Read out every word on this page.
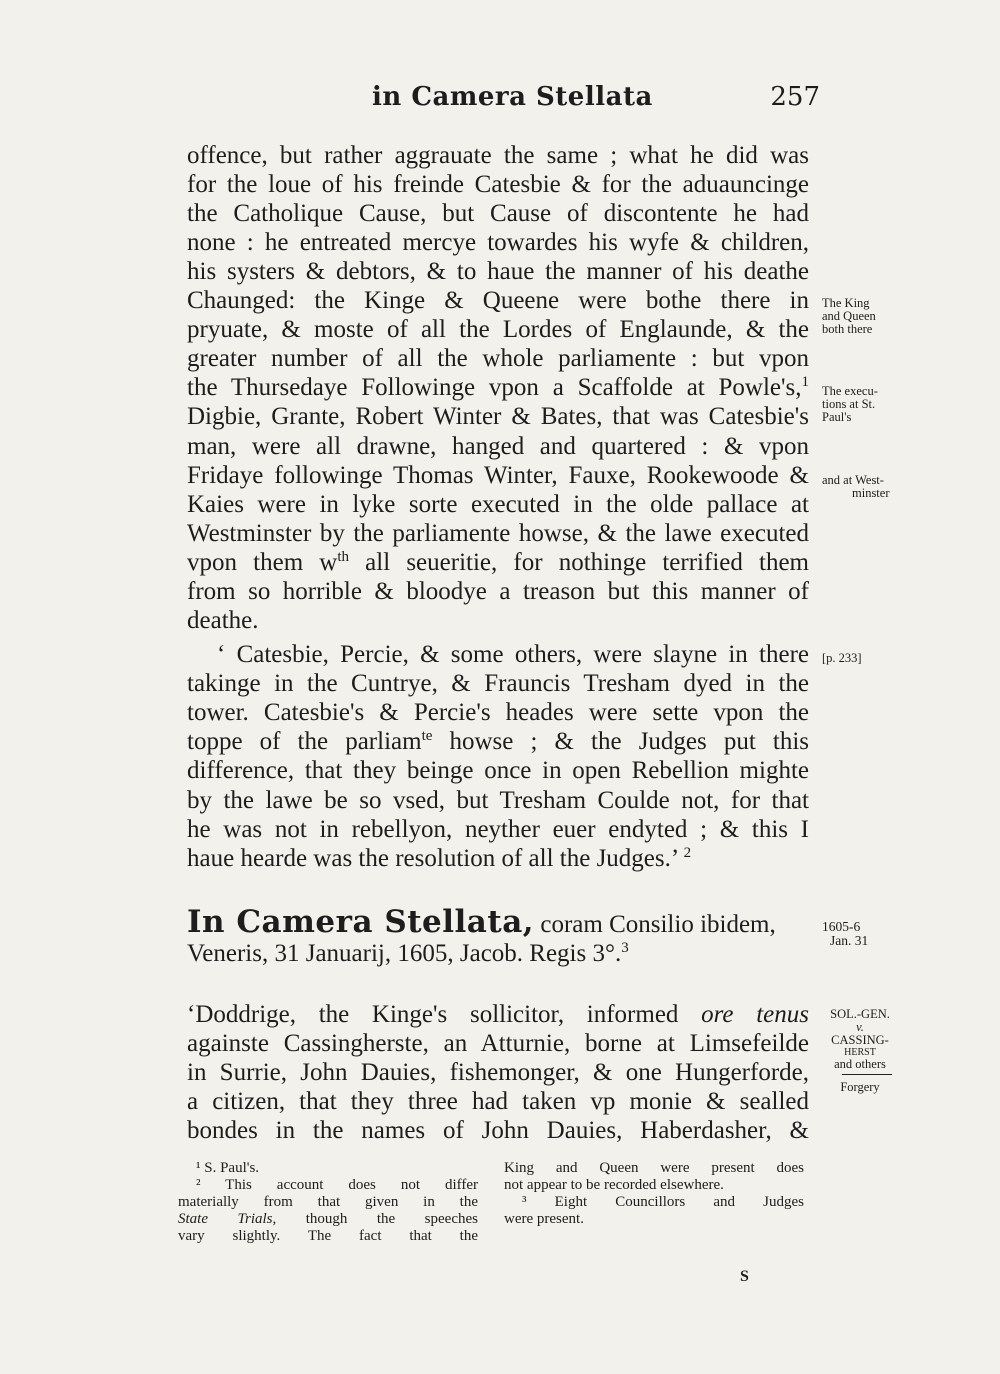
in Camera Stellata	257
offence, but rather aggrauate the same ; what he did was
for the loue of his freinde Catesbie & for the aduauncinge
the Catholique Cause, but Cause of discontente he had
none : he entreated mercye towardes his wyfe & children,
his systers & debtors, & to haue the manner of his deathe
Chaunged: the Kinge & Queene were bothe there in
pryuate, & moste of all the Lordes of Englaunde, & the
greater number of all the whole parliamente : but vpon
the Thursedaye Followinge vpon a Scaffolde at Powle's,$^1$
Digbie, Grante, Robert Winter & Bates, that was Catesbie's
man, were all drawne, hanged and quartered : & vpon
Fridaye followinge Thomas Winter, Fauxe, Rookewoode &
Kaies were in lyke sorte executed in the olde pallace at
Westminster by the parliamente howse, & the lawe executed
vpon them $w^{th}$ all seueritie, for nothinge terrified them
from so horrible & bloodye a treason but this manner of
deathe.
‘ Catesbie, Percie, & some others, were slayne in there
takinge in the Cuntrye, & Frauncis Tresham dyed in the
tower. Catesbie's & Percie's heades were sette vpon the
toppe of the parliam$^{te}$ howse ; & the Judges put this
difference, that they beinge once in open Rebellion mighte
by the lawe be so vsed, but Tresham Coulde not, for that
he was not in rebellyon, neyther euer endyted ; & this I
haue hearde was the resolution of all the Judges.’ $^2$
In Camera Stellata, coram Consilio ibidem,
Veneris, 31 Januarij, 1605, Jacob. Regis 3°.$^3$
‘Doddrige, the Kinge's sollicitor, informed ore tenus
againste Cassingherste, an Atturnie, borne at Limsefeilde
in Surrie, John Dauies, fishemonger, & one Hungerforde,
a citizen, that they three had taken vp monie & sealled
bondes in the names of John Dauies, Haberdasher, &
The King
and Queen
both there
The execu-
tions at St.
Paul's
and at West-
minster
[p. 233]
1605-6
Jan. 31
SOL.-GEN.
v.
CASSING-
HERST
and others
Forgery
¹ S. Paul's.
² This account does not differ
materially from that given in the
State Trials, though the speeches
vary slightly. The fact that the
King and Queen were present does
not appear to be recorded elsewhere.
³ Eight Councillors and Judges
were present.
S
